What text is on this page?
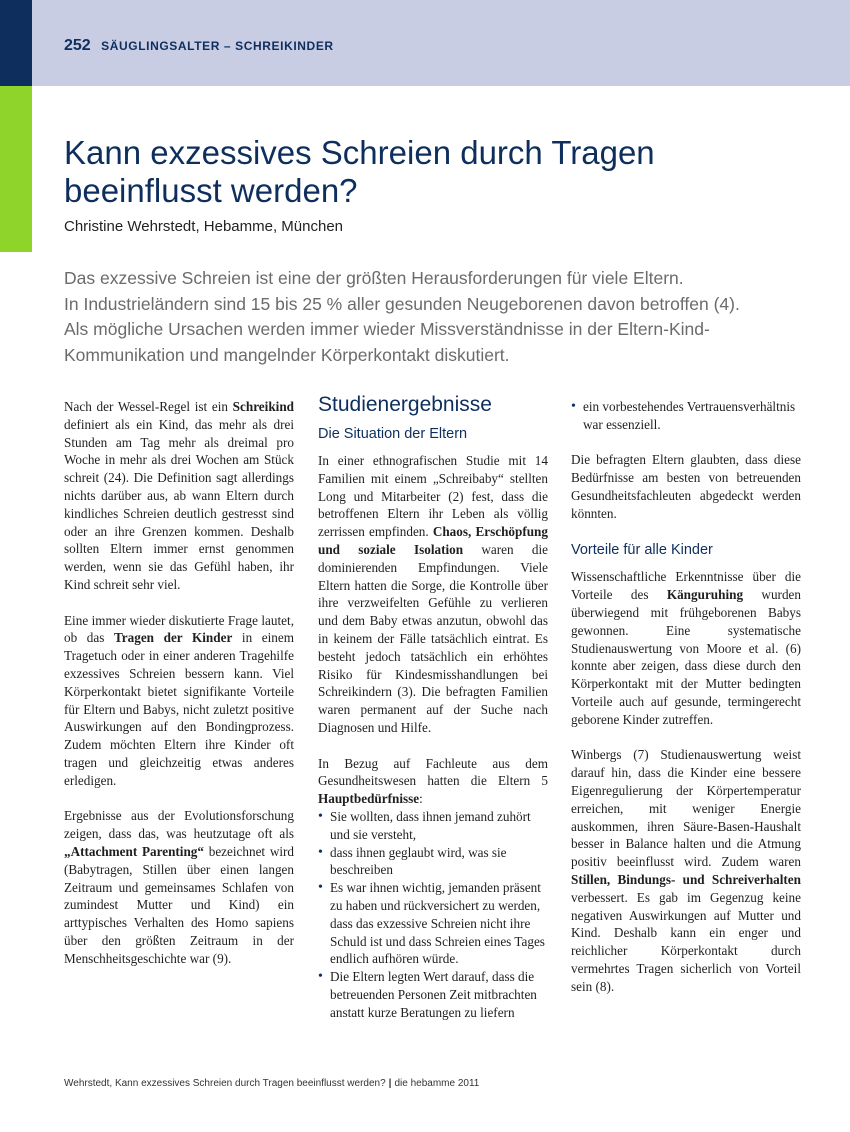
252 SÄUGLINGSALTER – SCHREIKINDER
Kann exzessives Schreien durch Tragen beeinflusst werden?
Christine Wehrstedt, Hebamme, München

Das exzessive Schreien ist eine der größten Herausforderungen für viele Eltern.

In Industrieländern sind 15 bis 25 % aller gesunden Neugeborenen davon betroffen (4).

Als mögliche Ursachen werden immer wieder Missverständnisse in der Eltern-Kind-

Kommunikation und mangelnder Körperkontakt diskutiert.

Nach der Wessel-Regel ist ein Schreikind definiert als ein Kind, das mehr als drei Stunden am Tag mehr als dreimal pro Woche in mehr als drei Wochen am Stück schreit (24). Die Definition sagt allerdings nichts darüber aus, ab wann Eltern durch kindliches Schreien deutlich gestresst sind oder an ihre Grenzen kommen. Deshalb sollten Eltern immer ernst genommen werden, wenn sie das Gefühl haben, ihr Kind schreit sehr viel.

Eine immer wieder diskutierte Frage lautet, ob das Tragen der Kinder in einem Tragetuch oder in einer anderen Tragehilfe exzessives Schreien bessern kann. Viel Körperkontakt bietet signifikante Vorteile für Eltern und Babys, nicht zuletzt positive Auswirkungen auf den Bondingprozess. Zudem möchten Eltern ihre Kinder oft tragen und gleichzeitig etwas anderes erledigen.

Ergebnisse aus der Evolutionsforschung zeigen, dass das, was heutzutage oft als „Attachment Parenting“ bezeichnet wird (Babytragen, Stillen über einen langen Zeitraum und gemeinsames Schlafen von zumindest Mutter und Kind) ein arttypisches Verhalten des Homo sapiens über den größten Zeitraum in der Menschheitsgeschichte war (9).

Studienergebnisse
Die Situation der Eltern

In einer ethnografischen Studie mit 14 Familien mit einem „Schreibaby“ stellten Long und Mitarbeiter (2) fest, dass die betroffenen Eltern ihr Leben als völlig zerrissen empfinden. Chaos, Erschöpfung und soziale Isolation waren die dominierenden Empfindungen. Viele Eltern hatten die Sorge, die Kontrolle über ihre verzweifelten Gefühle zu verlieren und dem Baby etwas anzutun, obwohl das in keinem der Fälle tatsächlich eintrat. Es besteht jedoch tatsächlich ein erhöhtes Risiko für Kindesmisshandlungen bei Schreikindern (3). Die befragten Familien waren permanent auf der Suche nach Diagnosen und Hilfe.

In Bezug auf Fachleute aus dem Gesundheitswesen hatten die Eltern 5 Hauptbedürfnisse:

• Sie wollten, dass ihnen jemand zuhört und sie versteht,
• dass ihnen geglaubt wird, was sie beschreiben
• Es war ihnen wichtig, jemanden präsent zu haben und rückversichert zu werden, dass das exzessive Schreien nicht ihre Schuld ist und dass Schreien eines Tages endlich aufhören würde.
• Die Eltern legten Wert darauf, dass die betreuenden Personen Zeit mitbrachten anstatt kurze Beratungen zu liefern
• ein vorbestehendes Vertrauensverhältnis war essenziell.

Die befragten Eltern glaubten, dass diese Bedürfnisse am besten von betreuenden Gesundheitsfachleuten abgedeckt werden könnten.

Vorteile für alle Kinder

Wissenschaftliche Erkenntnisse über die Vorteile des Känguruhing wurden überwiegend mit frühgeborenen Babys gewonnen. Eine systematische Studienauswertung von Moore et al. (6) konnte aber zeigen, dass diese durch den Körperkontakt mit der Mutter bedingten Vorteile auch auf gesunde, termingerecht geborene Kinder zutreffen.

Winbergs (7) Studienauswertung weist darauf hin, dass die Kinder eine bessere Eigenregulierung der Körpertemperatur erreichen, mit weniger Energie auskommen, ihren Säure-Basen-Haushalt besser in Balance halten und die Atmung positiv beeinflusst wird. Zudem waren Stillen, Bindungs- und Schreiverhalten verbessert. Es gab im Gegenzug keine negativen Auswirkungen auf Mutter und Kind. Deshalb kann ein enger und reichlicher Körperkontakt durch vermehrtes Tragen sicherlich von Vorteil sein (8).

Wehrstedt, Kann exzessives Schreien durch Tragen beeinflusst werden? | die hebamme 2011
